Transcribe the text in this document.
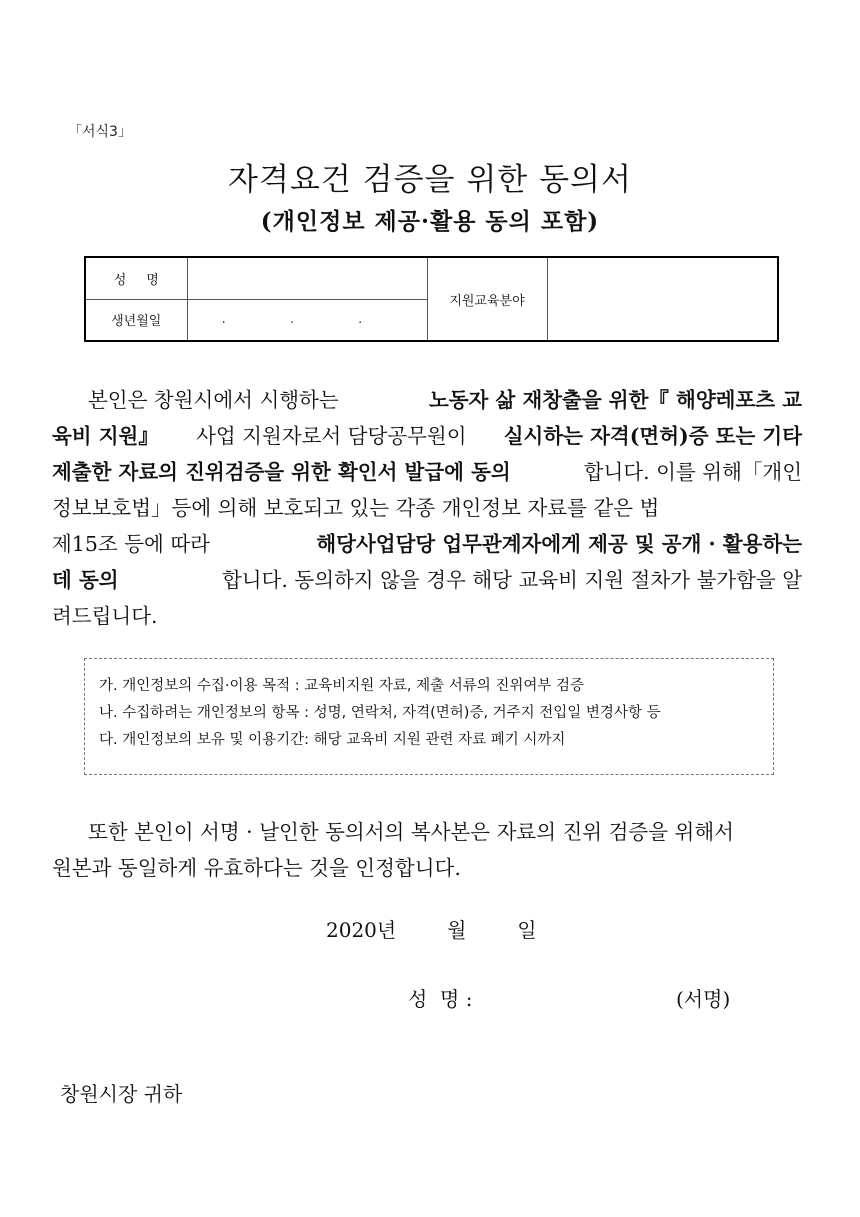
「서식3」
자격요건 검증을 위한 동의서
(개인정보 제공·활용 동의 포함)
성명		지원교육분야	
생년월일	. . .		
본인은 창원시에서 시행하는	노동자 삶 재창출을 위한『 해양레포츠 교
육비 지원』 사업 지원자로서 담당공무원이 실시하는 자격(면허)증 또는 기타
제출한 자료의 진위검증을 위한 확인서 발급에 동의	합니다. 이를 위해「개인
정보보호법」등에 의해 보호되고 있는 각종 개인정보 자료를 같은 법
제15조 등에 따라	해당사업담당 업무관계자에게 제공 및 공개 · 활용하는
데 동의	합니다. 동의하지 않을 경우 해당 교육비 지원 절차가 불가함을 알
려드립니다.
가. 개인정보의 수집·이용 목적 : 교육비지원 자료, 제출 서류의 진위여부 검증
나. 수집하려는 개인정보의 항목 : 성명, 연락처, 자격(면허)증, 거주지 전입일 변경사항 등
다. 개인정보의 보유 및 이용기간: 해당 교육비 지원 관련 자료 폐기 시까지
또한 본인이 서명 · 날인한 동의서의 복사본은 자료의 진위 검증을 위해서
원본과 동일하게 유효하다는 것을 인정합니다.
2020년        월        일
성  명 :	(서명)
창원시장 귀하
